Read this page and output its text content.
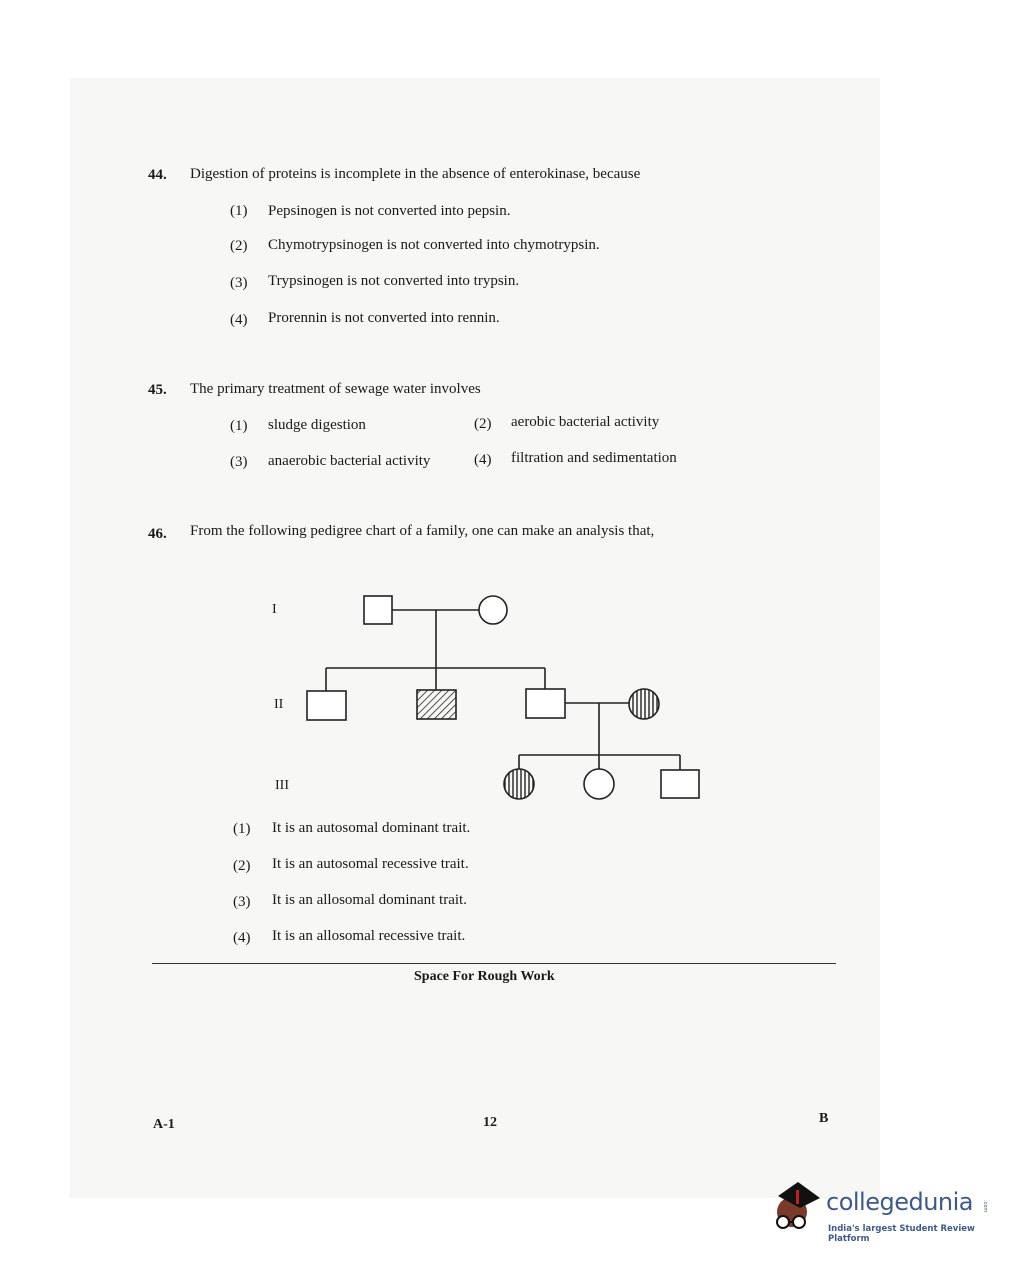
44. Digestion of proteins is incomplete in the absence of enterokinase, because
(1) Pepsinogen is not converted into pepsin.
(2) Chymotrypsinogen is not converted into chymotrypsin.
(3) Trypsinogen is not converted into trypsin.
(4) Prorennin is not converted into rennin.
45. The primary treatment of sewage water involves
(1) sludge digestion	(2) aerobic bacterial activity
(3) anaerobic bacterial activity	(4) filtration and sedimentation
46. From the following pedigree chart of a family, one can make an analysis that,
I
II
III
(1) It is an autosomal dominant trait.
(2) It is an autosomal recessive trait.
(3) It is an allosomal dominant trait.
(4) It is an allosomal recessive trait.
Space For Rough Work
A-1	12	B
collegedunia .com
India's largest Student Review Platform
